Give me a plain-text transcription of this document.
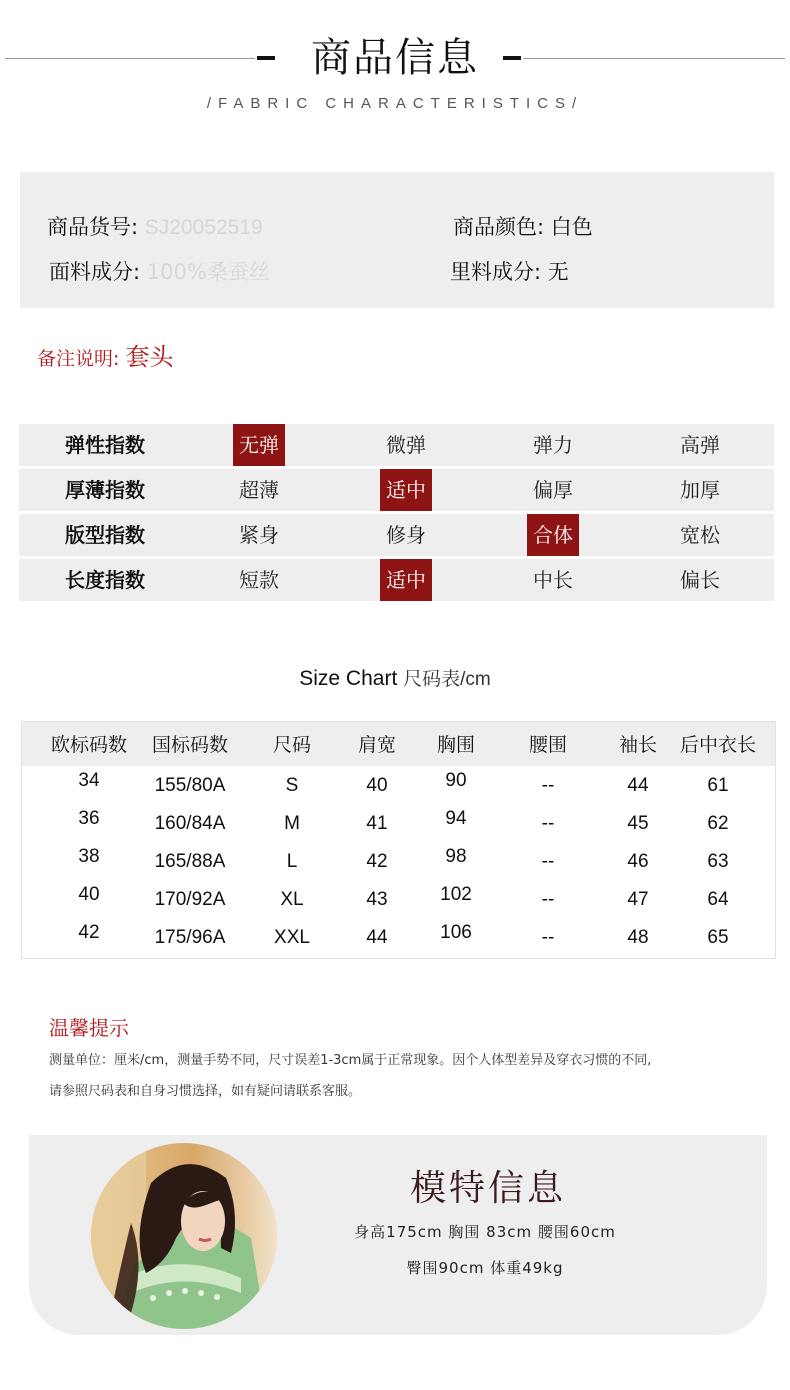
商品信息
/FABRIC CHARACTERISTICS/
商品货号: SJ20052519	商品颜色: 白色
面料成分: 100%桑蚕丝	里料成分: 无
备注说明: 套头
弹性指数	无弹	微弹	弹力	高弹
厚薄指数	超薄	适中	偏厚	加厚
版型指数	紧身	修身	合体	宽松
长度指数	短款	适中	中长	偏长
Size Chart 尺码表/cm
欧标码数	国标码数	尺码	肩宽	胸围	腰围	袖长	后中衣长
34	155/80A	S	40	90	--	44	61
36	160/84A	M	41	94	--	45	62
38	165/88A	L	42	98	--	46	63
40	170/92A	XL	43	102	--	47	64
42	175/96A	XXL	44	106	--	48	65
温馨提示
测量单位：厘米/cm，测量手势不同，尺寸误差1-3cm属于正常现象。因个人体型差异及穿衣习惯的不同,
请参照尺码表和自身习惯选择，如有疑问请联系客服。
模特信息
身高175cm 胸围 83cm 腰围60cm
臀围90cm 体重49kg
